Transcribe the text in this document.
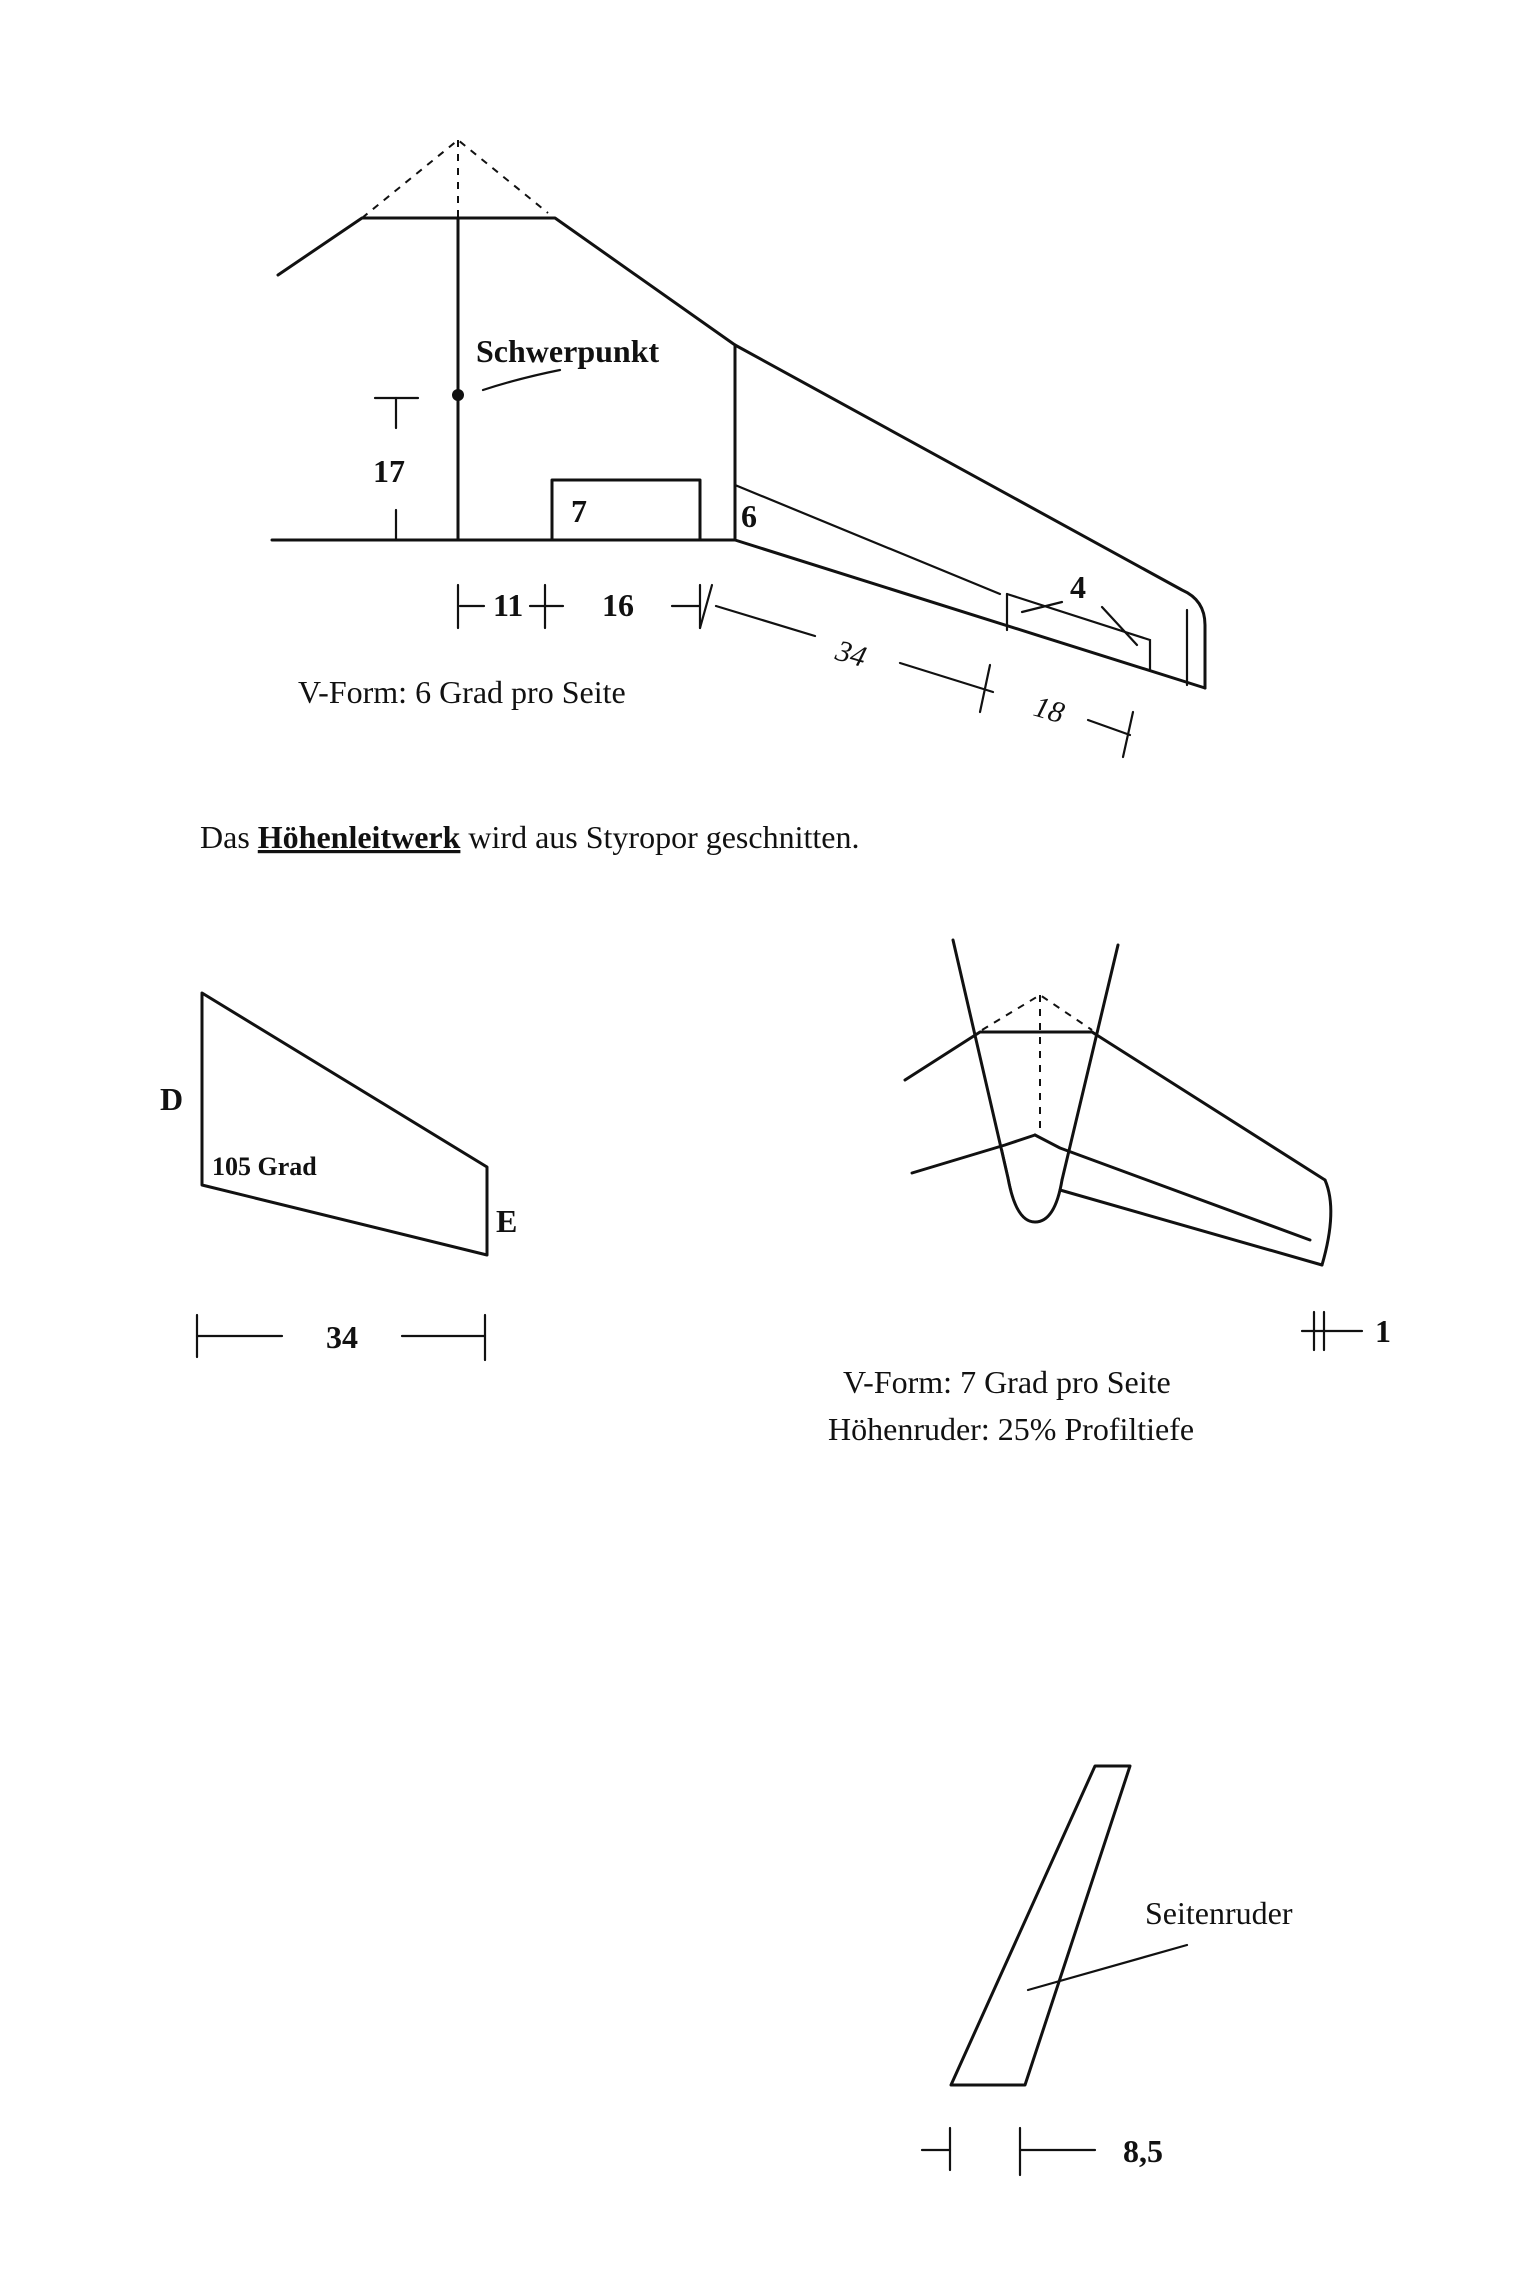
Schwerpunkt
17
7	6
4
11 16
34
18
V-Form: 6 Grad pro Seite
Das Höhenleitwerk wird aus Styropor geschnitten.
D
E
105 Grad
34	1
V-Form: 7 Grad pro Seite
Höhenruder: 25% Profiltiefe
Seitenruder
8,5
